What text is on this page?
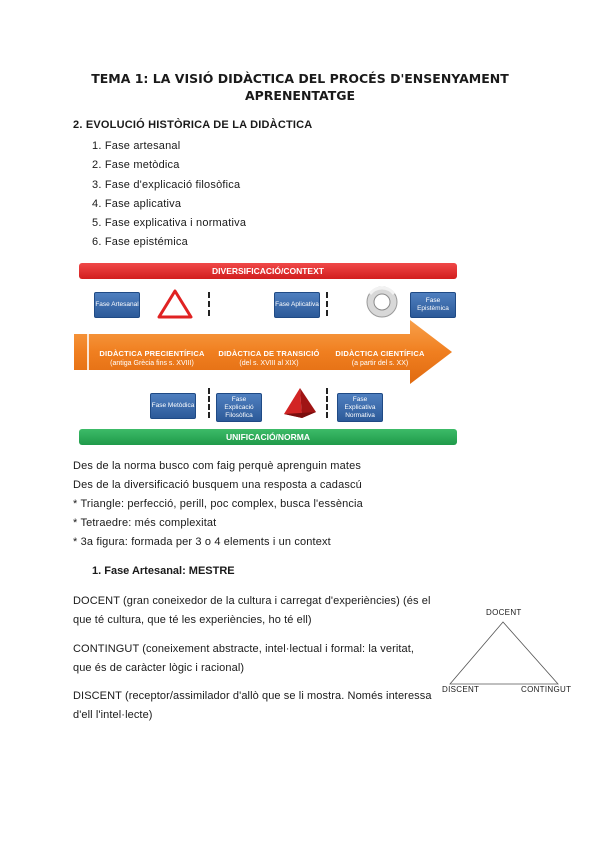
TEMA 1: LA VISIÓ DIDÀCTICA DEL PROCÉS D'ENSENYAMENT APRENENTATGE
2. EVOLUCIÓ HISTÒRICA DE LA DIDÀCTICA
1. Fase artesanal
2. Fase metòdica
3. Fase d'explicació filosòfica
4. Fase aplicativa
5. Fase explicativa i normativa
6. Fase epistémica
DIVERSIFICACIÓ/CONTEXT
UNIFICACIÓ/NORMA
DIDÀCTICA PRECIENTÍFICA
(antiga Grècia fins s. XVIII)
DIDÀCTICA DE TRANSICIÓ
(del s. XVIII al XIX)
DIDÀCTICA CIENTÍFICA
(a partir del s. XX)
Fase Artesanal	Fase Aplicativa
Fase Epistèmica
Fase Metòdica
Fase Explicació Filosòfica
Fase Explicativa Normativa
Des de la norma busco com faig perquè aprenguin mates
Des de la diversificació busquem una resposta a cadascú
* Triangle: perfecció, perill, poc complex, busca l'essència
* Tetraedre: més complexitat
* 3a figura: formada per 3 o 4 elements i un context
1. Fase Artesanal: MESTRE
DOCENT (gran coneixedor de la cultura i carregat d'experiències) (és el que té cultura, que té les experiències, ho té ell)
CONTINGUT (coneixement abstracte, intel·lectual i formal: la veritat, que és de caràcter lògic i racional)
DISCENT (receptor/assimilador d'allò que se li mostra. Només interessa d'ell l'intel·lecte)
DOCENT
DISCENT	CONTINGUT
